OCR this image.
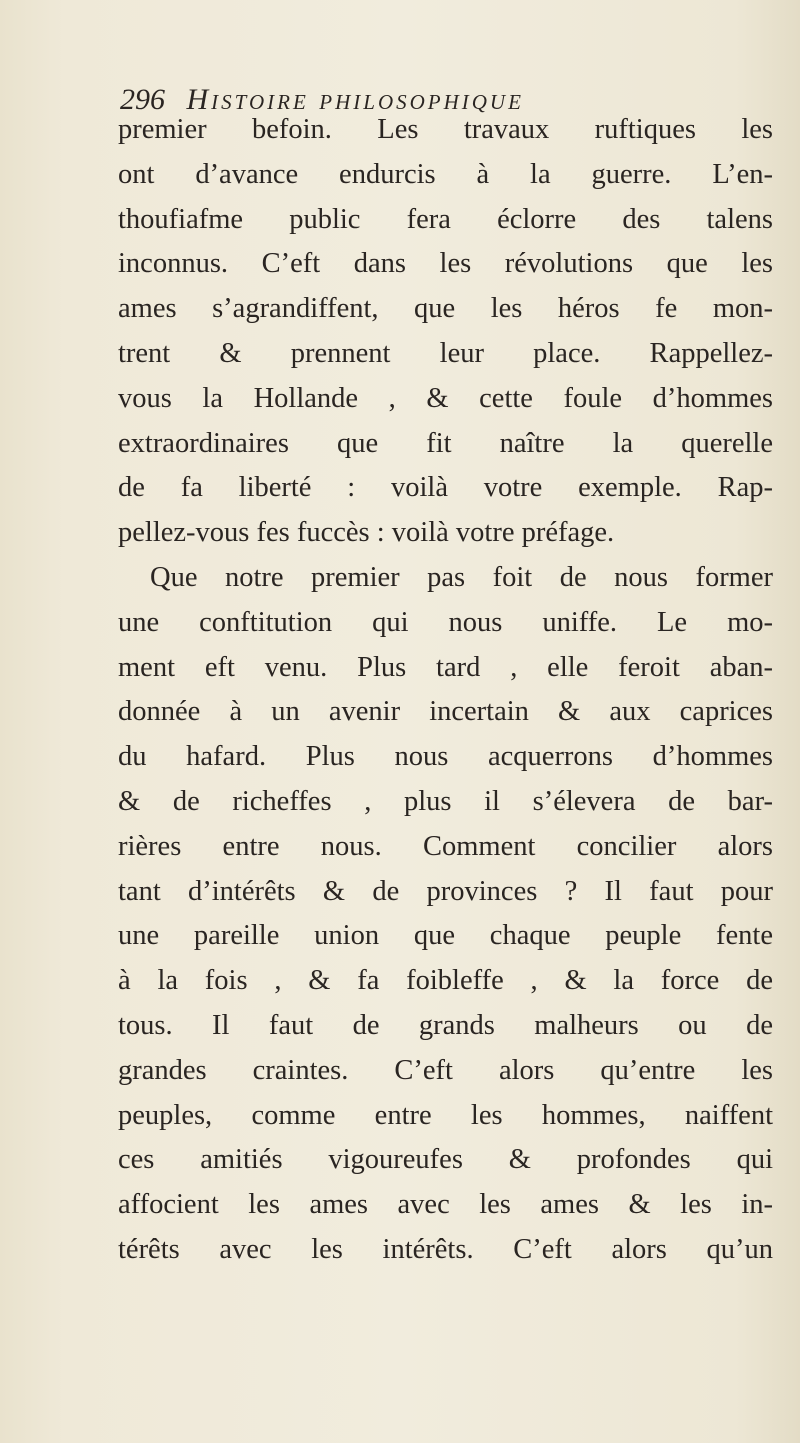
296 Histoire philosophique
premier befoin. Les travaux ruftiques les
ont d’avance endurcis à la guerre. L’en-
thoufiafme public fera éclorre des talens
inconnus. C’eft dans les révolutions que les
ames s’agrandiffent, que les héros fe mon-
trent & prennent leur place. Rappellez-
vous la Hollande , & cette foule d’hommes
extraordinaires que fit naître la querelle
de fa liberté : voilà votre exemple. Rap-
pellez-vous fes fuccès : voilà votre préfage.
Que notre premier pas foit de nous former
une conftitution qui nous uniffe. Le mo-
ment eft venu. Plus tard , elle feroit aban-
donnée à un avenir incertain & aux caprices
du hafard. Plus nous acquerrons d’hommes
& de richeffes , plus il s’élevera de bar-
rières entre nous. Comment concilier alors
tant d’intérêts & de provinces ? Il faut pour
une pareille union que chaque peuple fente
à la fois , & fa foibleffe , & la force de
tous. Il faut de grands malheurs ou de
grandes craintes. C’eft alors qu’entre les
peuples, comme entre les hommes, naiffent
ces amitiés vigoureufes & profondes qui
affocient les ames avec les ames & les in-
térêts avec les intérêts. C’eft alors qu’un
